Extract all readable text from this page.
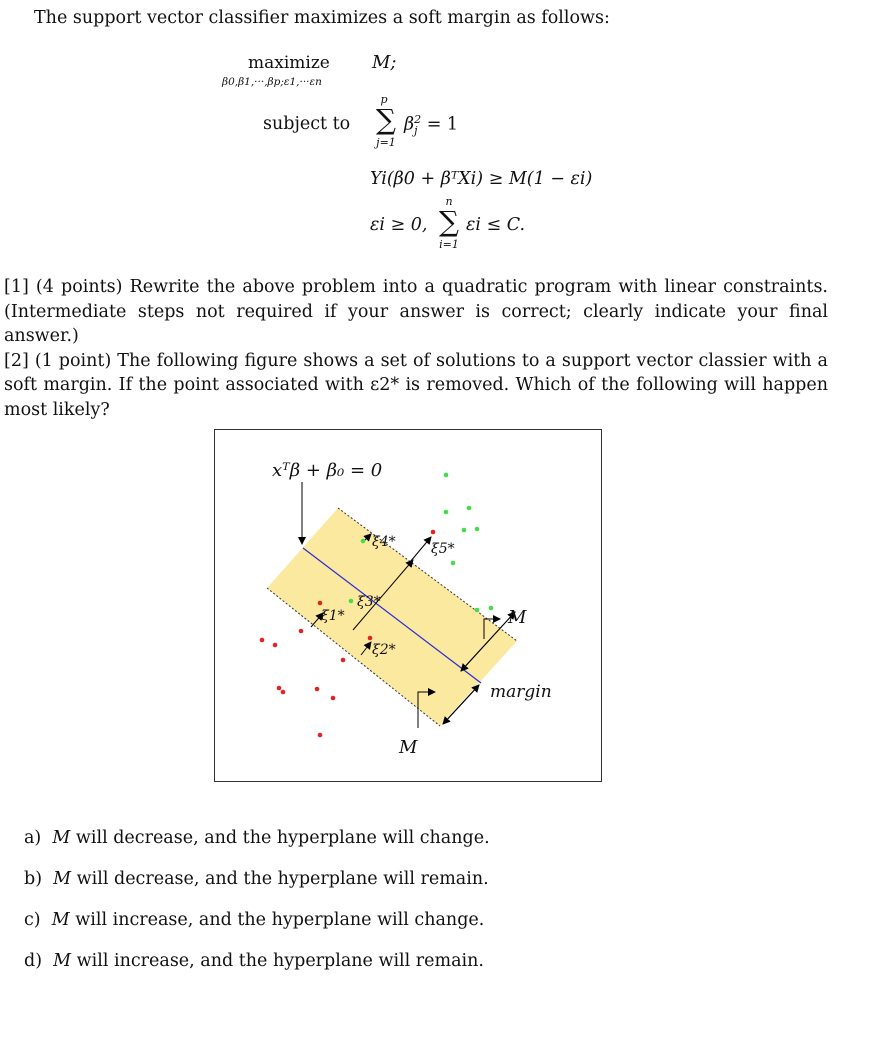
The support vector classifier maximizes a soft margin as follows:
maximize
β0,β1,···,βp;ε1,···εn
M;
subject to
p
∑
j=1
β 2
j = 1
Yi(β0 + βᵀXi) ≥ M(1 − εi)
εi ≥ 0,
n
∑
i=1
εi ≤ C.

[1] (4 points) Rewrite the above problem into a quadratic program with linear constraints. (Intermediate steps not required if your answer is correct; clearly indicate your final answer.)

[2] (1 point) The following figure shows a set of solutions to a support vector classier with a soft margin. If the point associated with ε2* is removed. Which of the following will happen most likely?

xᵀβ + β₀ = 0
ξ1*
ξ2*
ξ3*
ξ4*	ξ5*
M
margin
M
a) M will decrease, and the hyperplane will change.
b) M will decrease, and the hyperplane will remain.
c) M will increase, and the hyperplane will change.
d) M will increase, and the hyperplane will remain.
